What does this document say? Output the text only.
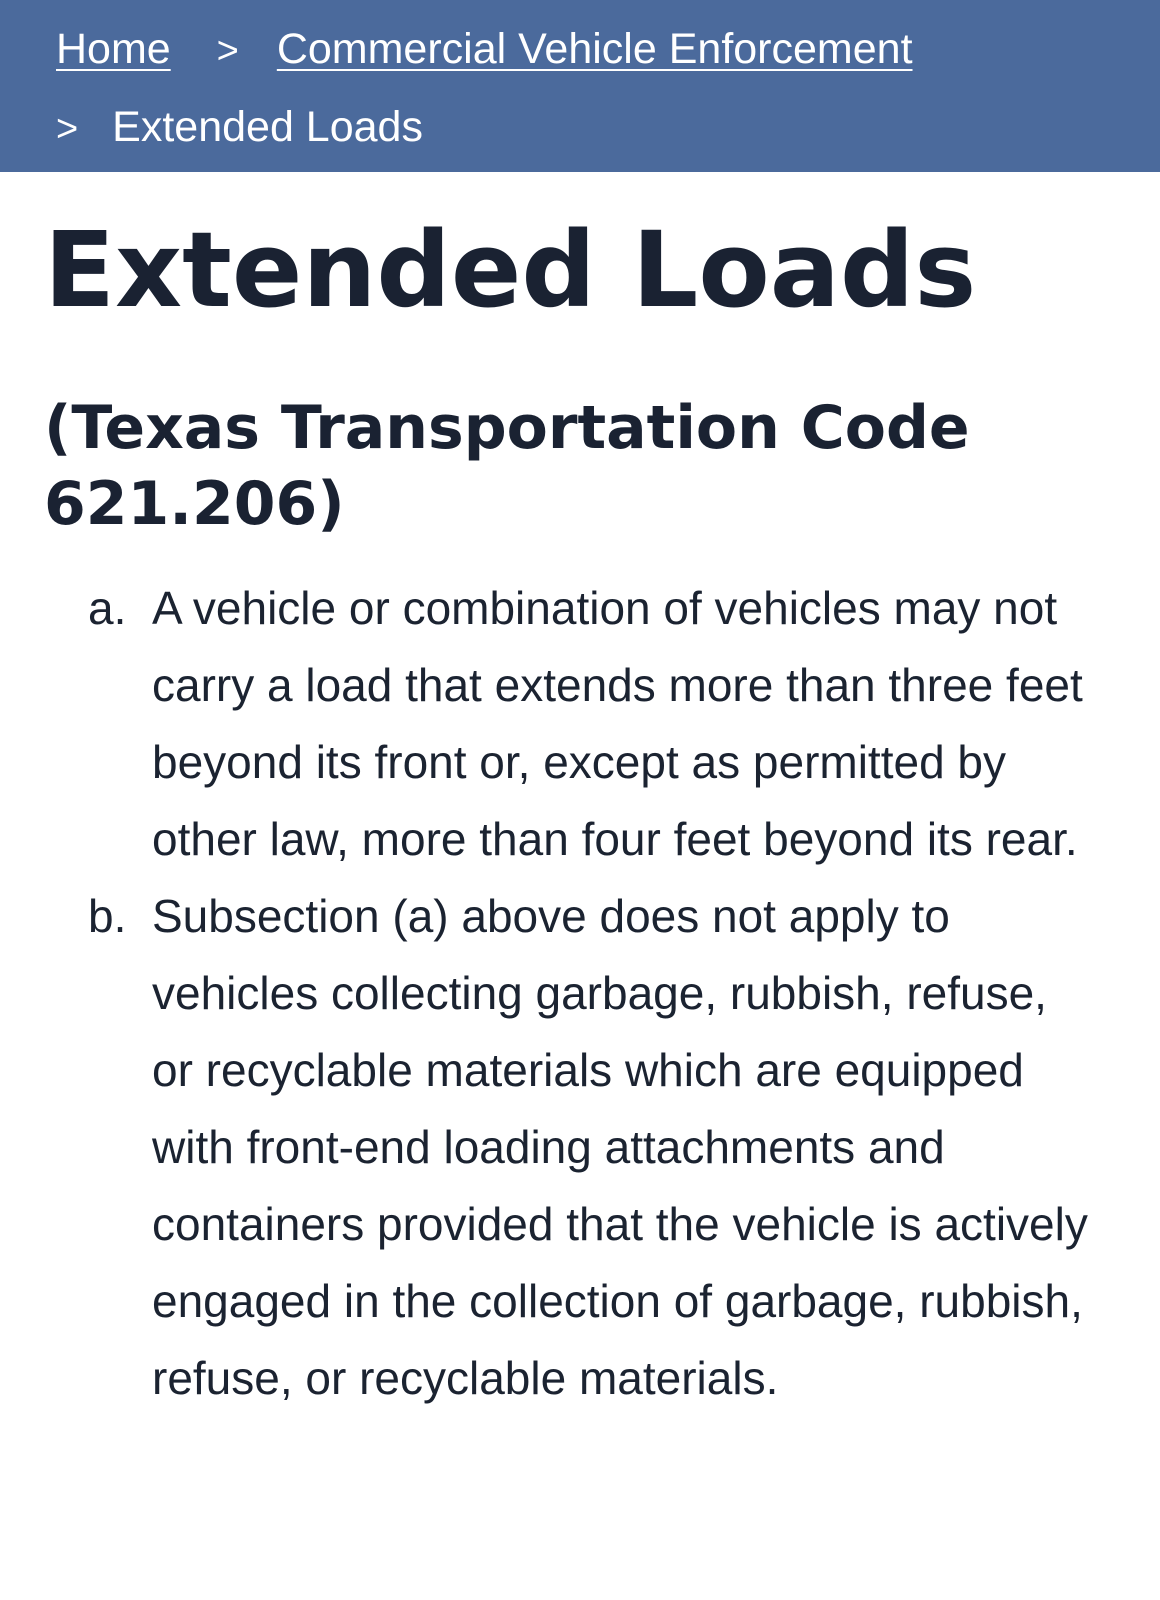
Home > Commercial Vehicle Enforcement
> Extended Loads
Extended Loads
(Texas Transportation Code 621.206)
a. A vehicle or combination of vehicles may not carry a load that extends more than three feet beyond its front or, except as permitted by other law, more than four feet beyond its rear.
b. Subsection (a) above does not apply to vehicles collecting garbage, rubbish, refuse, or recyclable materials which are equipped with front-end loading attachments and containers provided that the vehicle is actively engaged in the collection of garbage, rubbish, refuse, or recyclable materials.
